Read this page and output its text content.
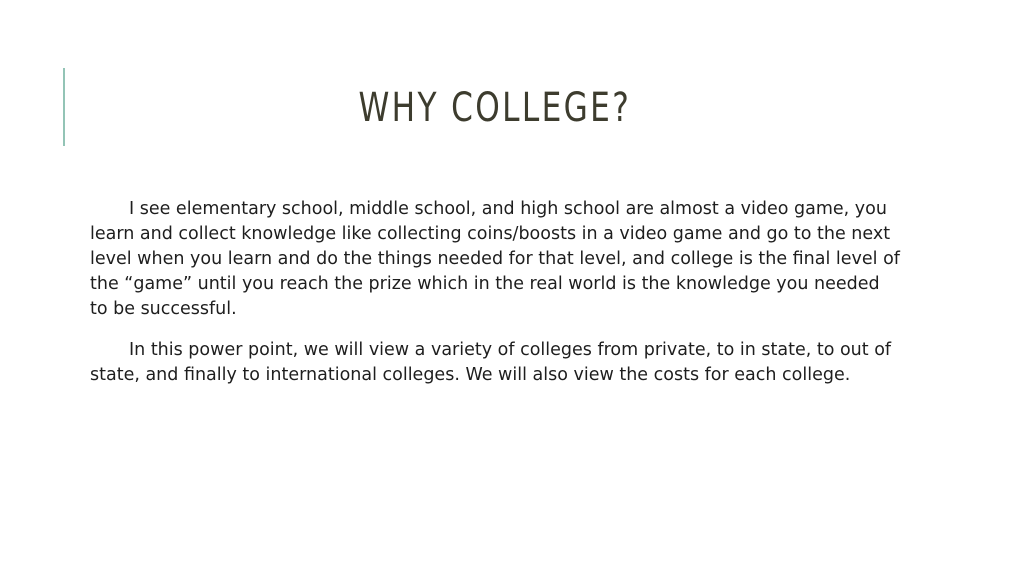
WHY COLLEGE?

I see elementary school, middle school, and high school are almost a video game, you learn and collect knowledge like collecting coins/boosts in a video game and go to the next level when you learn and do the things needed for that level, and college is the final level of the “game” until you reach the prize which in the real world is the knowledge you needed to be successful.

In this power point, we will view a variety of colleges from private, to in state, to out of state, and finally to international colleges. We will also view the costs for each college.
